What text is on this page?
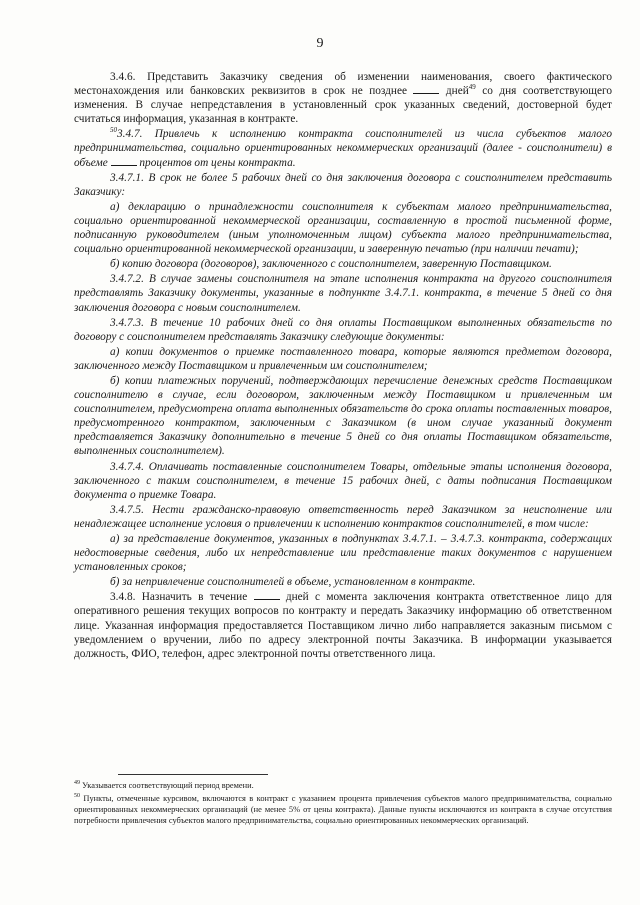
9

3.4.6. Представить Заказчику сведения об изменении наименования, своего фактического местонахождения или банковских реквизитов в срок не позднее	дней$^{49}$ со дня соответствующего изменения. В случае непредставления в установленный срок указанных сведений, достоверной будет считаться информация, указанная в контракте.

$^{50}$3.4.7. Привлечь к исполнению контракта соисполнителей из числа субъектов малого предпринимательства, социально ориентированных некоммерческих организаций (далее - соисполнители) в объеме	процентов от цены контракта.

3.4.7.1. В срок не более 5 рабочих дней со дня заключения договора с соисполнителем представить Заказчику:

а) декларацию о принадлежности соисполнителя к субъектам малого предпринимательства, социально ориентированной некоммерческой организации, составленную в простой письменной форме, подписанную руководителем (иным уполномоченным лицом) субъекта малого предпринимательства, социально ориентированной некоммерческой организации, и заверенную печатью (при наличии печати);

б) копию договора (договоров), заключенного с соисполнителем, заверенную Поставщиком.

3.4.7.2. В случае замены соисполнителя на этапе исполнения контракта на другого соисполнителя представлять Заказчику документы, указанные в подпункте 3.4.7.1. контракта, в течение 5 дней со дня заключения договора с новым соисполнителем.

3.4.7.3. В течение 10 рабочих дней со дня оплаты Поставщиком выполненных обязательств по договору с соисполнителем представлять Заказчику следующие документы:

а) копии документов о приемке поставленного товара, которые являются предметом договора, заключенного между Поставщиком и привлеченным им соисполнителем;

б) копии платежных поручений, подтверждающих перечисление денежных средств Поставщиком соисполнителю в случае, если договором, заключенным между Поставщиком и привлеченным им соисполнителем, предусмотрена оплата выполненных обязательств до срока оплаты поставленных товаров, предусмотренного контрактом, заключенным с Заказчиком (в ином случае указанный документ представляется Заказчику дополнительно в течение 5 дней со дня оплаты Поставщиком обязательств, выполненных соисполнителем).

3.4.7.4. Оплачивать поставленные соисполнителем Товары, отдельные этапы исполнения договора, заключенного с таким соисполнителем, в течение 15 рабочих дней, с даты подписания Поставщиком документа о приемке Товара.

3.4.7.5. Нести гражданско-правовую ответственность перед Заказчиком за неисполнение или ненадлежащее исполнение условия о привлечении к исполнению контрактов соисполнителей, в том числе:

а) за представление документов, указанных в подпунктах 3.4.7.1. – 3.4.7.3. контракта, содержащих недостоверные сведения, либо их непредставление или представление таких документов с нарушением установленных сроков;

б) за непривлечение соисполнителей в объеме, установленном в контракте.

3.4.8. Назначить в течение	дней с момента заключения контракта ответственное лицо для оперативного решения текущих вопросов по контракту и передать Заказчику информацию об ответственном лице. Указанная информация предоставляется Поставщиком лично либо направляется заказным письмом с уведомлением о вручении, либо по адресу электронной почты Заказчика. В информации указывается должность, ФИО, телефон, адрес электронной почты ответственного лица.

$^{49}$ Указывается соответствующий период времени.

$^{50}$ Пункты, отмеченные курсивом, включаются в контракт с указанием процента привлечения субъектов малого предпринимательства, социально ориентированных некоммерческих организаций (не менее 5% от цены контракта). Данные пункты исключаются из контракта в случае отсутствия потребности привлечения субъектов малого предпринимательства, социально ориентированных некоммерческих организаций.
